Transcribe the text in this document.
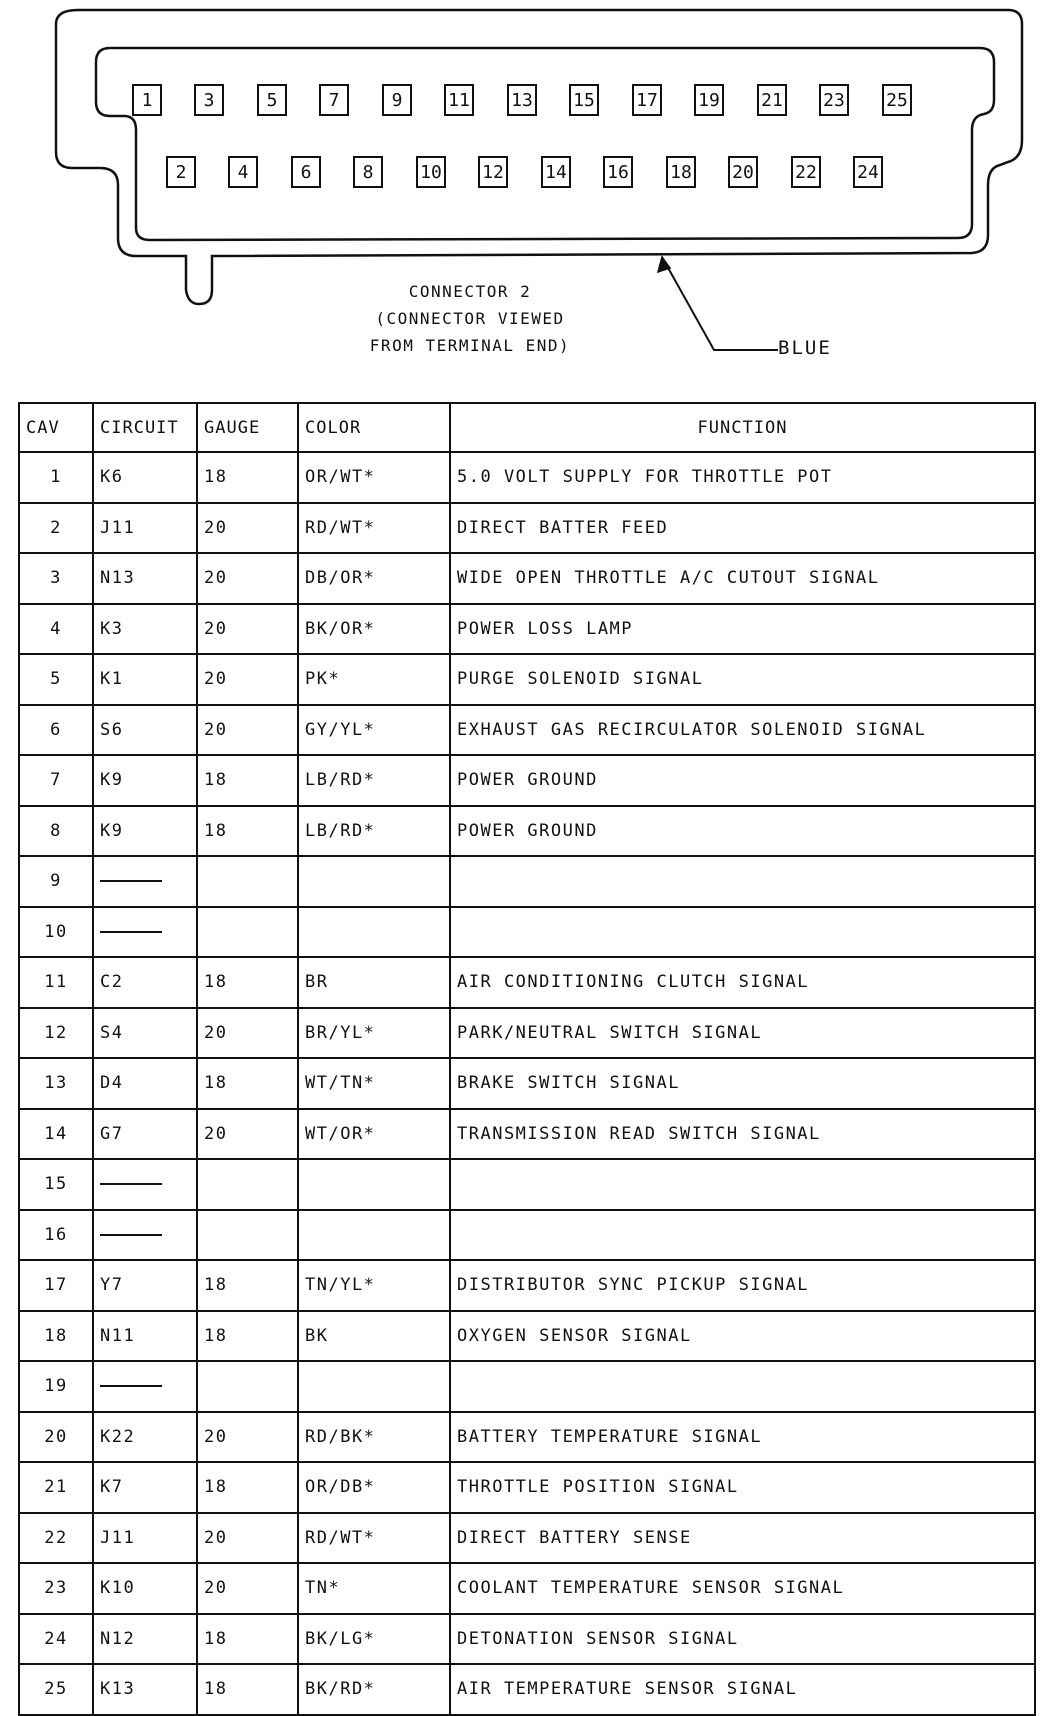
1	3	5	7	9	11 13 15 17 19 21 23 25
2	4	6	8	10 12 14 16 18 20 22 24
CONNECTOR 2
(CONNECTOR VIEWED
FROM TERMINAL END)	BLUE
CAV	CIRCUIT	GAUGE	COLOR	FUNCTION
1	K6	18	OR/WT*	5.0 VOLT SUPPLY FOR THROTTLE POT
2	J11	20	RD/WT*	DIRECT BATTER FEED
3	N13	20	DB/OR*	WIDE OPEN THROTTLE A/C CUTOUT SIGNAL
4	K3	20	BK/OR*	POWER LOSS LAMP
5	K1	20	PK*	PURGE SOLENOID SIGNAL
6	S6	20	GY/YL*	EXHAUST GAS RECIRCULATOR SOLENOID SIGNAL
7	K9	18	LB/RD*	POWER GROUND
8	K9	18	LB/RD*	POWER GROUND
9				
10				
11	C2	18	BR	AIR CONDITIONING CLUTCH SIGNAL
12	S4	20	BR/YL*	PARK/NEUTRAL SWITCH SIGNAL
13	D4	18	WT/TN*	BRAKE SWITCH SIGNAL
14	G7	20	WT/OR*	TRANSMISSION READ SWITCH SIGNAL
15				
16				
17	Y7	18	TN/YL*	DISTRIBUTOR SYNC PICKUP SIGNAL
18	N11	18	BK	OXYGEN SENSOR SIGNAL
19				
20	K22	20	RD/BK*	BATTERY TEMPERATURE SIGNAL
21	K7	18	OR/DB*	THROTTLE POSITION SIGNAL
22	J11	20	RD/WT*	DIRECT BATTERY SENSE
23	K10	20	TN*	COOLANT TEMPERATURE SENSOR SIGNAL
24	N12	18	BK/LG*	DETONATION SENSOR SIGNAL
25	K13	18	BK/RD*	AIR TEMPERATURE SENSOR SIGNAL
